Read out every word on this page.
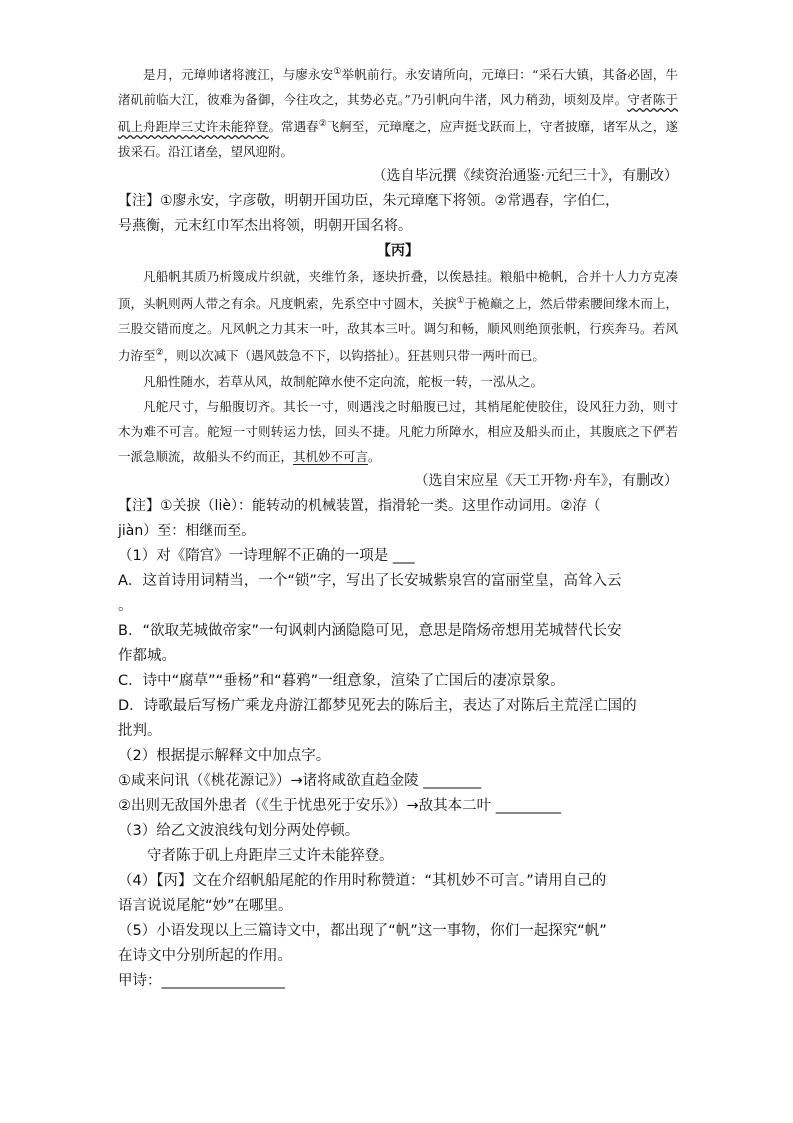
是月，元璋帅诸将渡江，与廖永安①举帆前行。永安请所向，元璋曰：“采石大镇，其备必固，牛渚矶前临大江，彼难为备御，今往攻之，其势必克。”乃引帆向牛渚，风力稍劲，顷刻及岸。守者陈于矶上舟距岸三丈许未能猝登。常遇春②飞舸至，元璋麾之，应声挺戈跃而上，守者披靡，诸军从之，遂拔采石。沿江诸垒，望风迎附。

（选自毕沅撰《续资治通鉴·元纪三十》，有删改）

【注】①廖永安，字彦敬，明朝开国功臣，朱元璋麾下将领。②常遇春，字伯仁，

号燕衡，元末红巾军杰出将领，明朝开国名将。

【丙】

凡船帆其质乃析篾成片织就，夹维竹条，逐块折叠，以俟悬挂。粮船中桅帆，合并十人力方克凑顶，头帆则两人带之有余。凡度帆索，先系空中寸圆木，关捩①于桅巅之上，然后带索腰间缘木而上，三股交错而度之。凡风帆之力其末一叶，敌其本三叶。调匀和畅，顺风则绝顶张帆，行疾奔马。若风力洊至②，则以次减下（遇风鼓急不下，以钩搭扯）。狂甚则只带一两叶而已。

凡船性随水，若草从风，故制舵障水使不定向流，舵板一转，一泓从之。

凡舵尺寸，与船腹切齐。其长一寸，则遇浅之时船腹已过，其梢尾舵使胶住，设风狂力劲，则寸木为难不可言。舵短一寸则转运力怯，回头不捷。凡舵力所障水，相应及船头而止，其腹底之下俨若一派急顺流，故船头不约而正，其机妙不可言。

（选自宋应星《天工开物·舟车》，有删改）

【注】①关捩（liè）：能转动的机械装置，指滑轮一类。这里作动词用。②洊（

jiàn）至：相继而至。

（1）对《隋宫》一诗理解不正确的一项是 ___

A．这首诗用词精当，一个“锁”字，写出了长安城紫泉宫的富丽堂皇，高耸入云

。

B．“欲取芜城做帝家”一句讽刺内涵隐隐可见，意思是隋炀帝想用芜城替代长安

作都城。

C．诗中“腐草”“垂杨”和“暮鸦”一组意象，渲染了亡国后的凄凉景象。

D．诗歌最后写杨广乘龙舟游江都梦见死去的陈后主，表达了对陈后主荒淫亡国的

批判。

（2）根据提示解释文中加点字。

①咸来问讯（《桃花源记》）→诸将咸欲直趋金陵 ________

②出则无敌国外患者（《生于忧患死于安乐》）→敌其本二叶 _________

（3）给乙文波浪线句划分两处停顿。

守者陈于矶上舟距岸三丈许未能猝登。

（4）【丙】文在介绍帆船尾舵的作用时称赞道：“其机妙不可言。”请用自己的

语言说说尾舵“妙”在哪里。

（5）小语发现以上三篇诗文中，都出现了“帆”这一事物，你们一起探究“帆”

在诗文中分别所起的作用。

甲诗：_________________
